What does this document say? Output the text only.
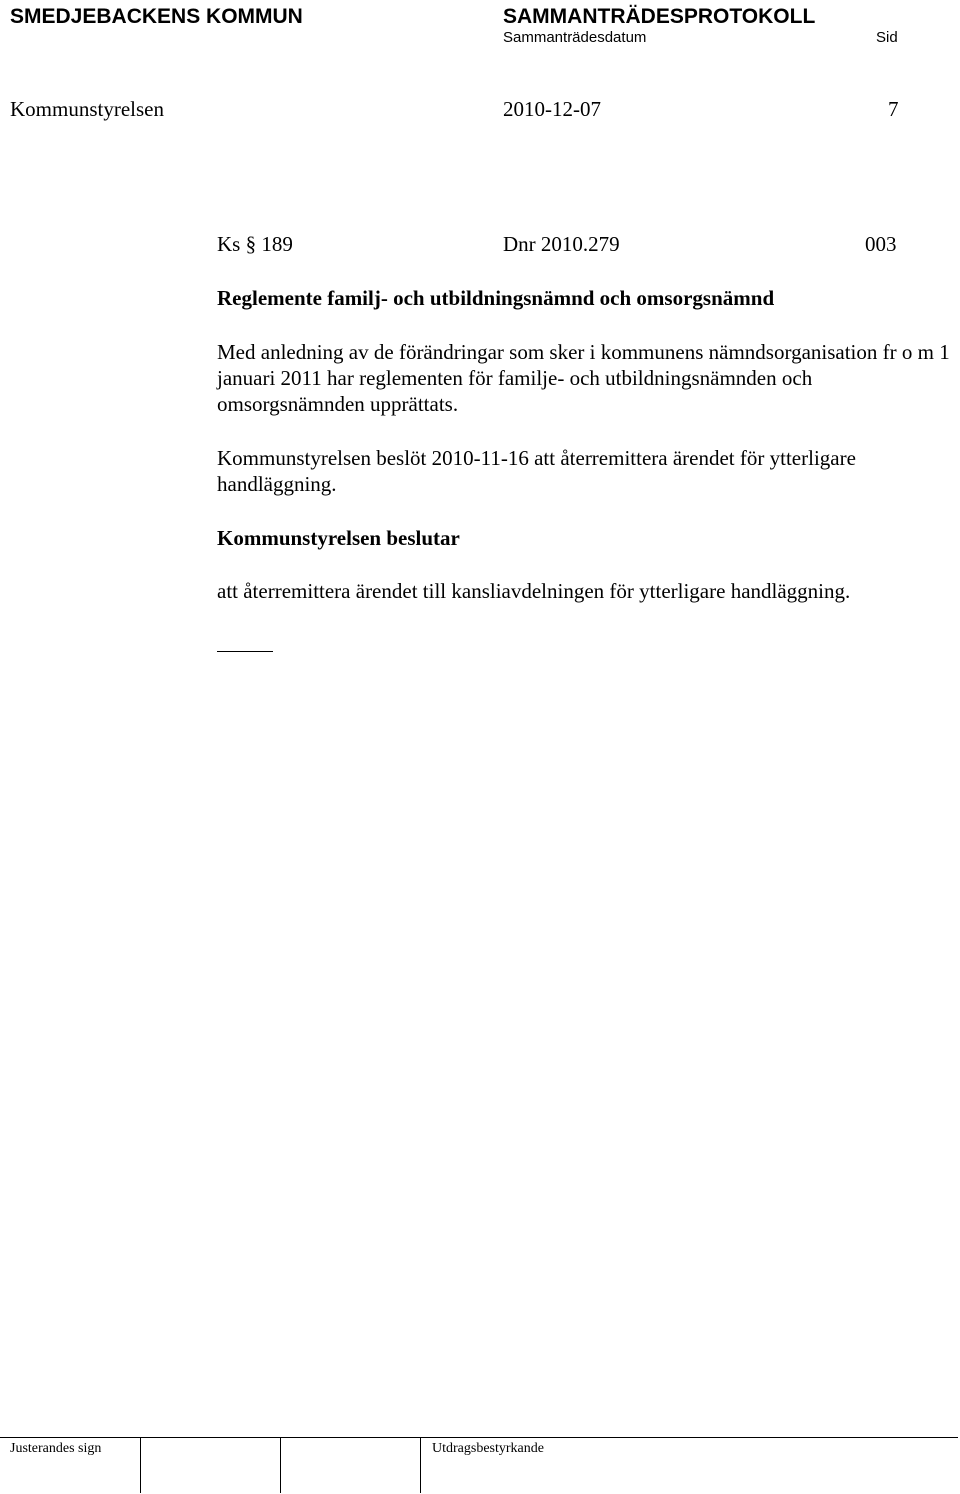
SMEDJEBACKENS KOMMUN	SAMMANTRÄDESPROTOKOLL
Sammanträdesdatum	Sid
Kommunstyrelsen	2010-12-07	7
Ks § 189	Dnr 2010.279	003
Reglemente familj- och utbildningsnämnd och omsorgsnämnd
Med anledning av de förändringar som sker i kommunens nämndsorganisation fr o m 1 januari 2011 har reglementen för familje- och utbildningsnämnden och omsorgsnämnden upprättats.
Kommunstyrelsen beslöt 2010-11-16 att återremittera ärendet för ytterligare handläggning.
Kommunstyrelsen beslutar
att återremittera ärendet till kansliavdelningen för ytterligare handläggning.
Justerandes sign	Utdragsbestyrkande
